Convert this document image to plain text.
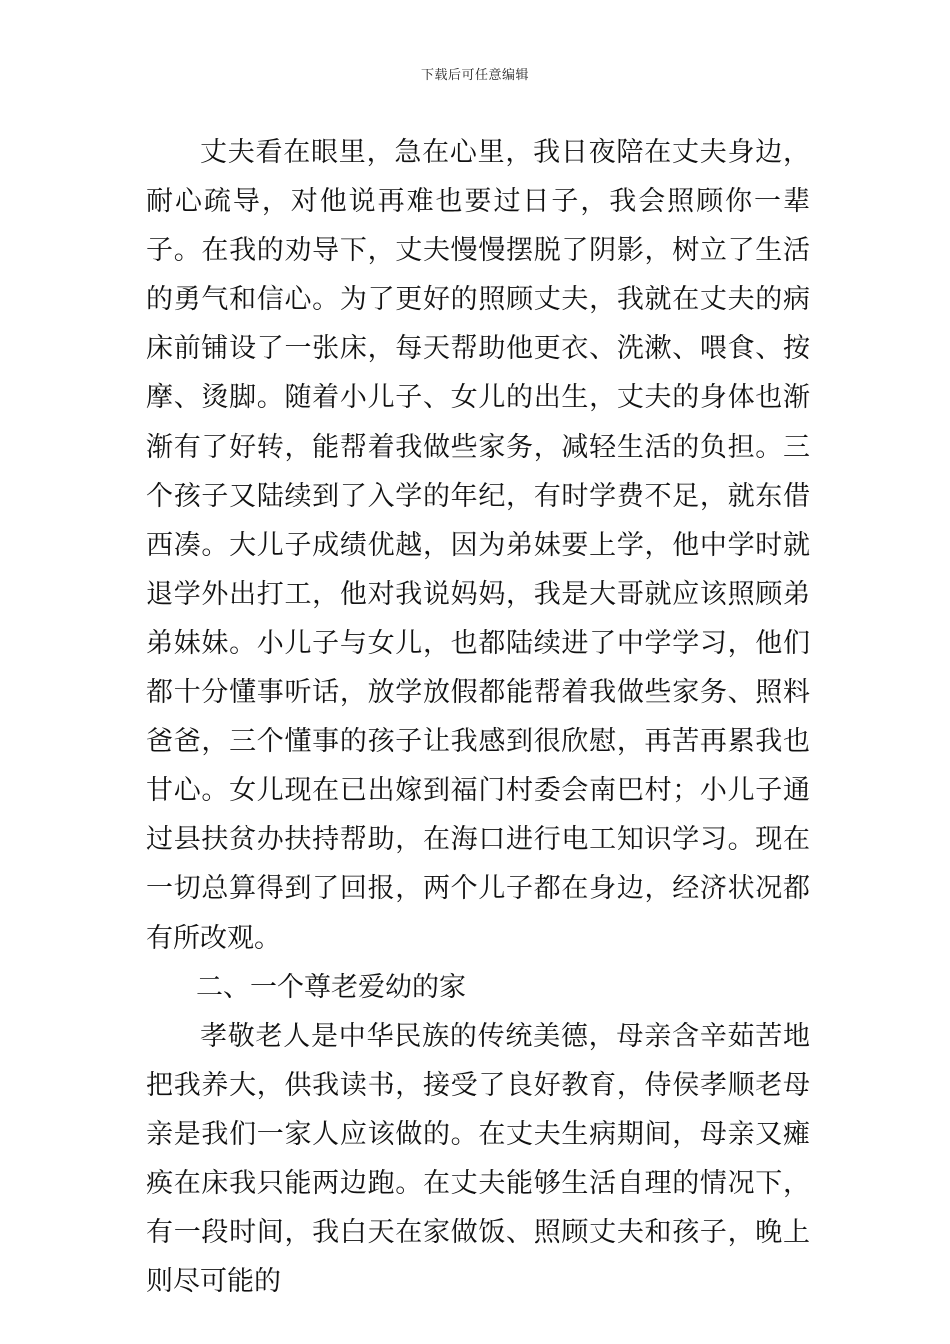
下载后可任意编辑

丈夫看在眼里，急在心里，我日夜陪在丈夫身边，耐心疏导，对他说再难也要过日子，我会照顾你一辈子。在我的劝导下，丈夫慢慢摆脱了阴影，树立了生活的勇气和信心。为了更好的照顾丈夫，我就在丈夫的病床前铺设了一张床，每天帮助他更衣、洗漱、喂食、按摩、烫脚。随着小儿子、女儿的出生，丈夫的身体也渐渐有了好转，能帮着我做些家务，减轻生活的负担。三个孩子又陆续到了入学的年纪，有时学费不足，就东借西凑。大儿子成绩优越，因为弟妹要上学，他中学时就退学外出打工，他对我说妈妈，我是大哥就应该照顾弟弟妹妹。小儿子与女儿，也都陆续进了中学学习，他们都十分懂事听话，放学放假都能帮着我做些家务、照料爸爸，三个懂事的孩子让我感到很欣慰，再苦再累我也甘心。女儿现在已出嫁到福门村委会南巴村；小儿子通过县扶贫办扶持帮助，在海口进行电工知识学习。现在一切总算得到了回报，两个儿子都在身边，经济状况都有所改观。

二、一个尊老爱幼的家

孝敬老人是中华民族的传统美德，母亲含辛茹苦地把我养大，供我读书，接受了良好教育，侍侯孝顺老母亲是我们一家人应该做的。在丈夫生病期间，母亲又瘫痪在床我只能两边跑。在丈夫能够生活自理的情况下，有一段时间，我白天在家做饭、照顾丈夫和孩子，晚上则尽可能的
